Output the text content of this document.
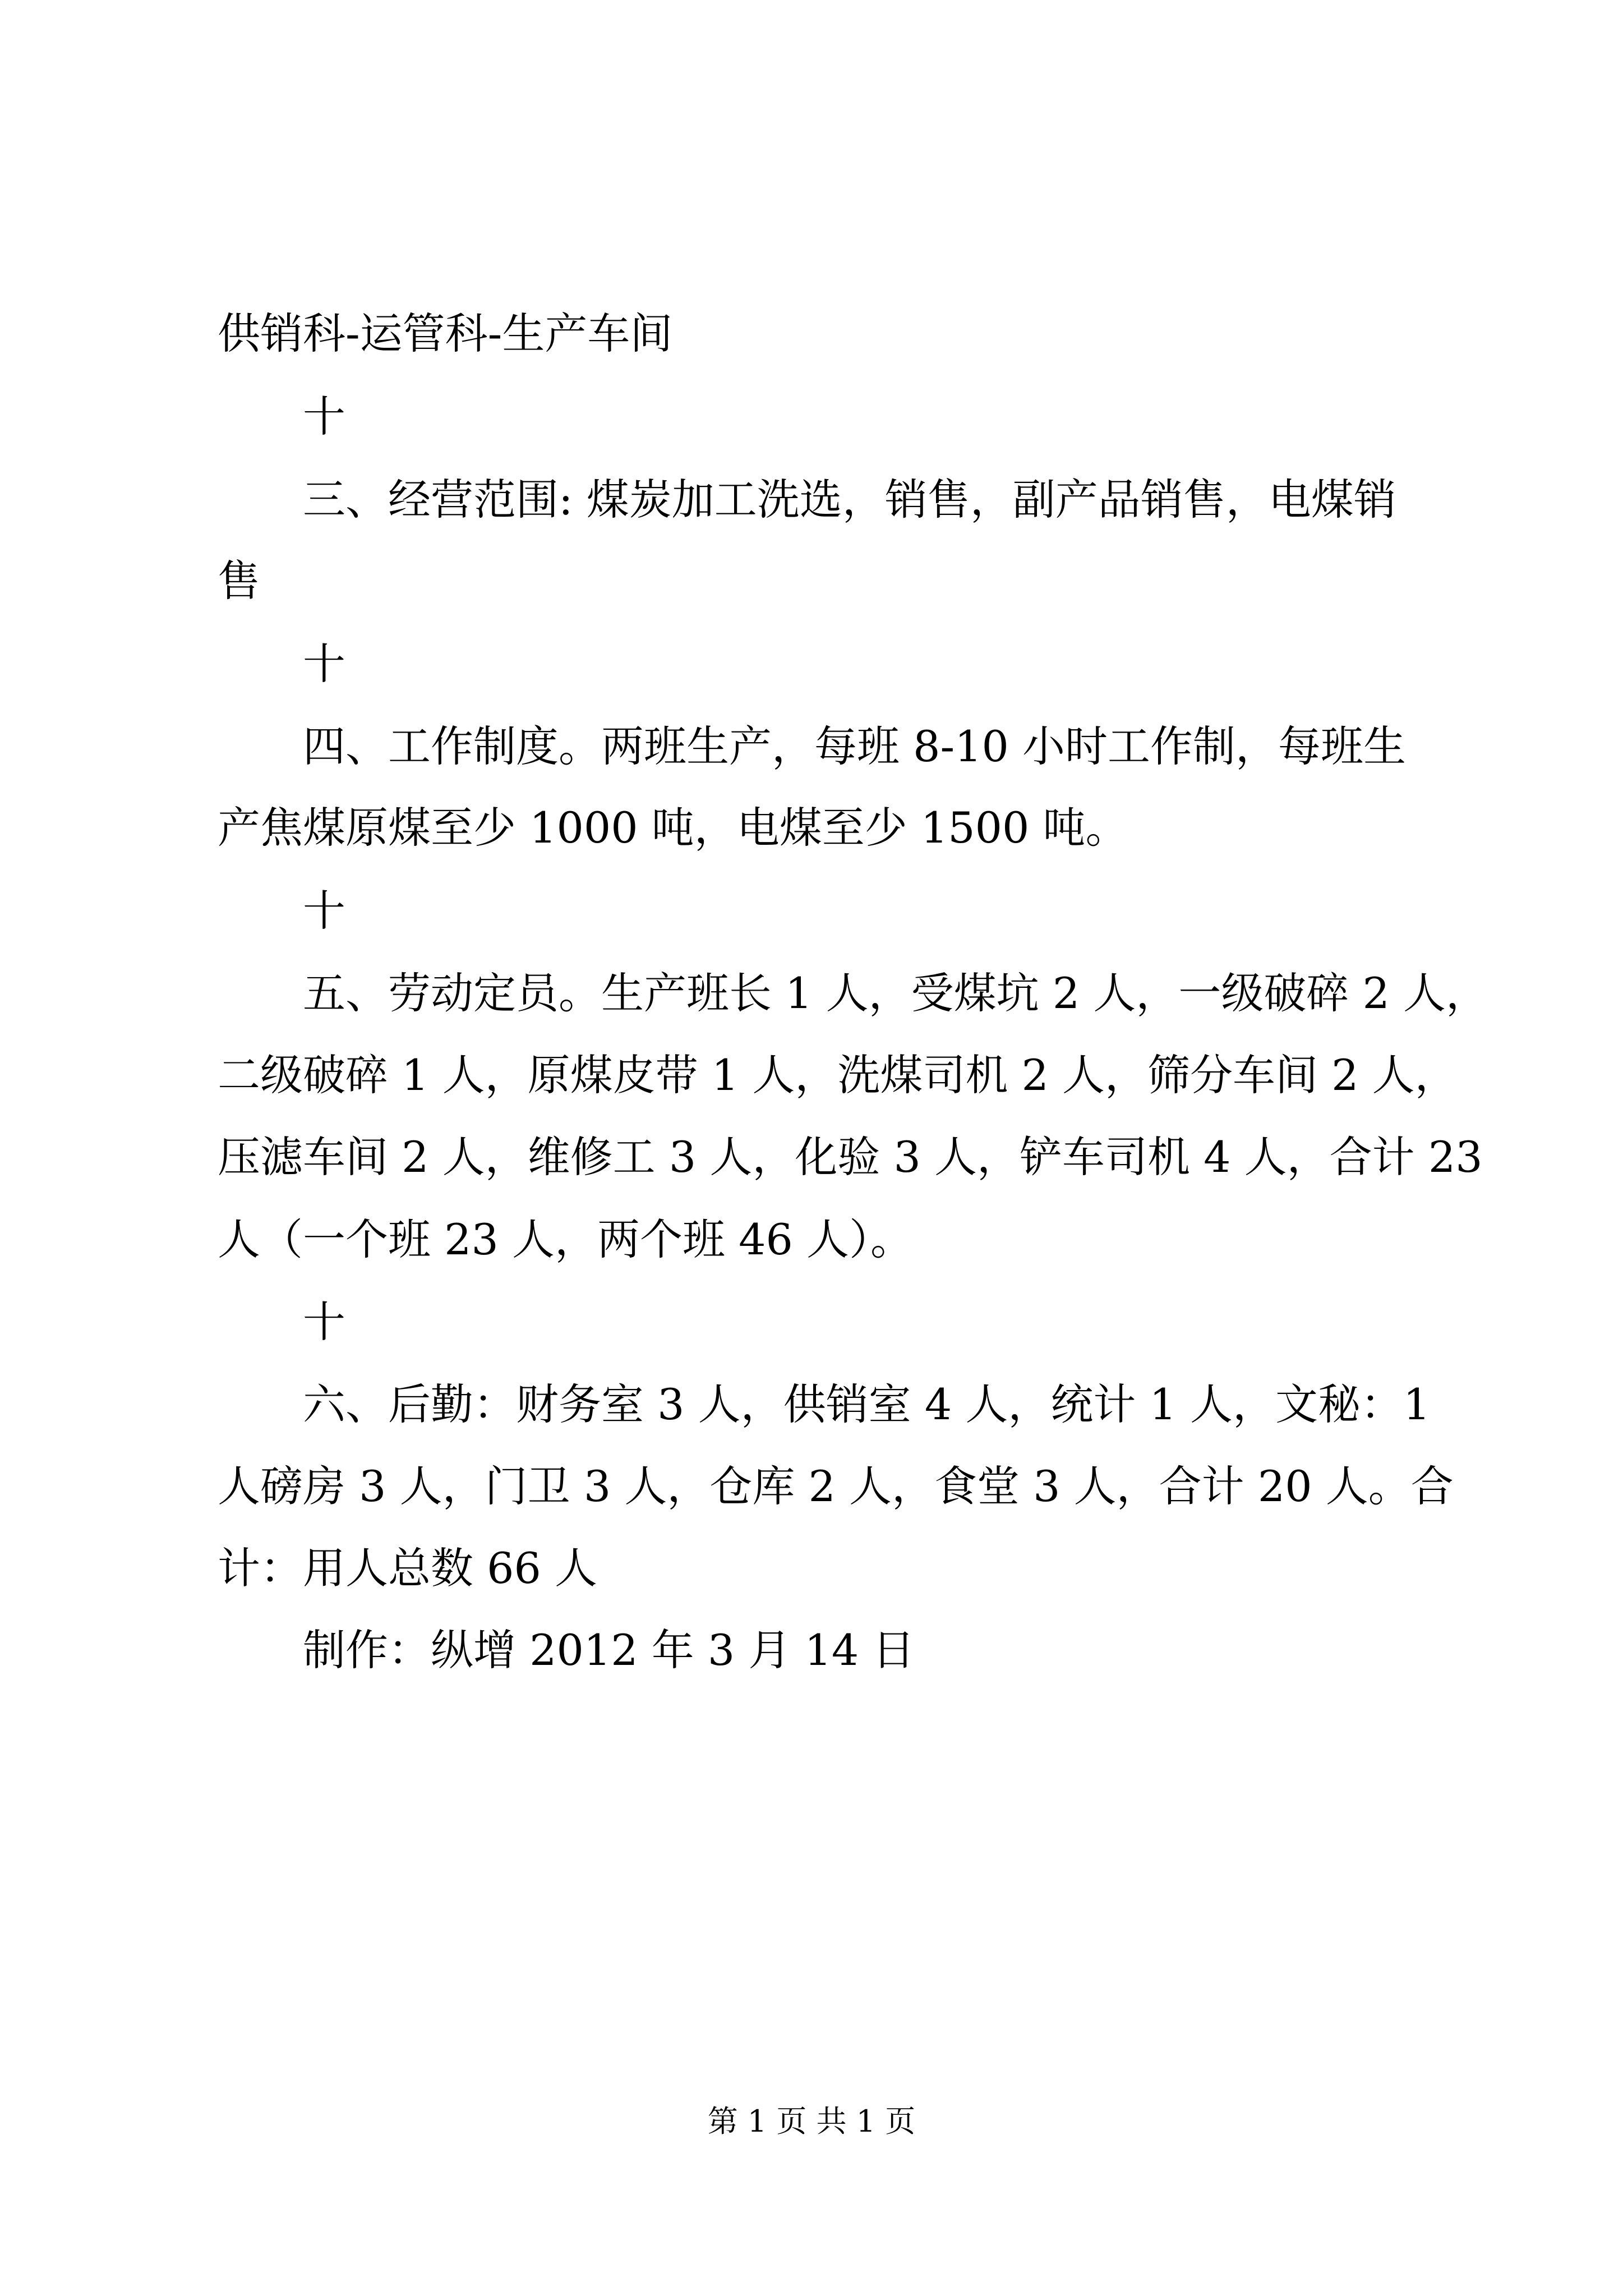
供销科-运管科-生产车间
十
三、经营范围: 煤炭加工洗选，销售，副产品销售，电煤销
售
十
四、工作制度。两班生产，每班 8-10 小时工作制，每班生
产焦煤原煤至少 1000 吨，电煤至少 1500 吨。
十
五、劳动定员。生产班长 1 人，受煤坑 2 人，一级破碎 2 人，
二级破碎 1 人，原煤皮带 1 人，洗煤司机 2 人，筛分车间 2 人，
压滤车间 2 人，维修工 3 人，化验 3 人，铲车司机 4 人，合计 23
人（一个班 23 人，两个班 46 人）。
十
六、后勤：财务室 3 人，供销室 4 人，统计 1 人，文秘：1
人磅房 3 人，门卫 3 人，仓库 2 人，食堂 3 人，合计 20 人。合
计：用人总数 66 人
制作：纵增 2012 年 3 月 14 日
第 1 页 共 1 页
